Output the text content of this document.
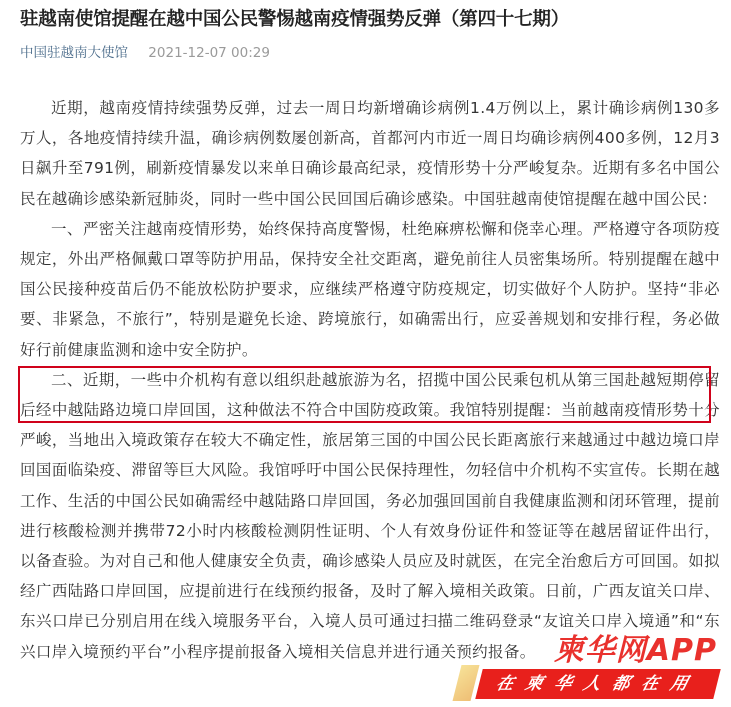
驻越南使馆提醒在越中国公民警惕越南疫情强势反弹（第四十七期）
中国驻越南大使馆 2021-12-07 00:29

近期，越南疫情持续强势反弹，过去一周日均新增确诊病例1.4万例以上，累计确诊病例130多万人，各地疫情持续升温，确诊病例数屡创新高，首都河内市近一周日均确诊病例400多例，12月3日飙升至791例，刷新疫情暴发以来单日确诊最高纪录，疫情形势十分严峻复杂。近期有多名中国公民在越确诊感染新冠肺炎，同时一些中国公民回国后确诊感染。中国驻越南使馆提醒在越中国公民：

一、严密关注越南疫情形势，始终保持高度警惕，杜绝麻痹松懈和侥幸心理。严格遵守各项防疫规定，外出严格佩戴口罩等防护用品，保持安全社交距离，避免前往人员密集场所。特别提醒在越中国公民接种疫苗后仍不能放松防护要求，应继续严格遵守防疫规定，切实做好个人防护。坚持“非必要、非紧急，不旅行”，特别是避免长途、跨境旅行，如确需出行，应妥善规划和安排行程，务必做好行前健康监测和途中安全防护。

二、近期，一些中介机构有意以组织赴越旅游为名，招揽中国公民乘包机从第三国赴越短期停留后经中越陆路边境口岸回国，这种做法不符合中国防疫政策。我馆特别提醒：当前越南疫情形势十分严峻，当地出入境政策存在较大不确定性，旅居第三国的中国公民长距离旅行来越通过中越边境口岸回国面临染疫、滞留等巨大风险。我馆呼吁中国公民保持理性，勿轻信中介机构不实宣传。长期在越工作、生活的中国公民如确需经中越陆路口岸回国，务必加强回国前自我健康监测和闭环管理，提前进行核酸检测并携带72小时内核酸检测阴性证明、个人有效身份证件和签证等在越居留证件出行，以备查验。为对自己和他人健康安全负责，确诊感染人员应及时就医，在完全治愈后方可回国。如拟经广西陆路口岸回国，应提前进行在线预约报备，及时了解入境相关政策。日前，广西友谊关口岸、东兴口岸已分别启用在线入境服务平台，入境人员可通过扫描二维码登录“友谊关口岸入境通”和“东兴口岸入境预约平台”小程序提前报备入境相关信息并进行通关预约报备。 柬华网APP
在柬华人都在用
